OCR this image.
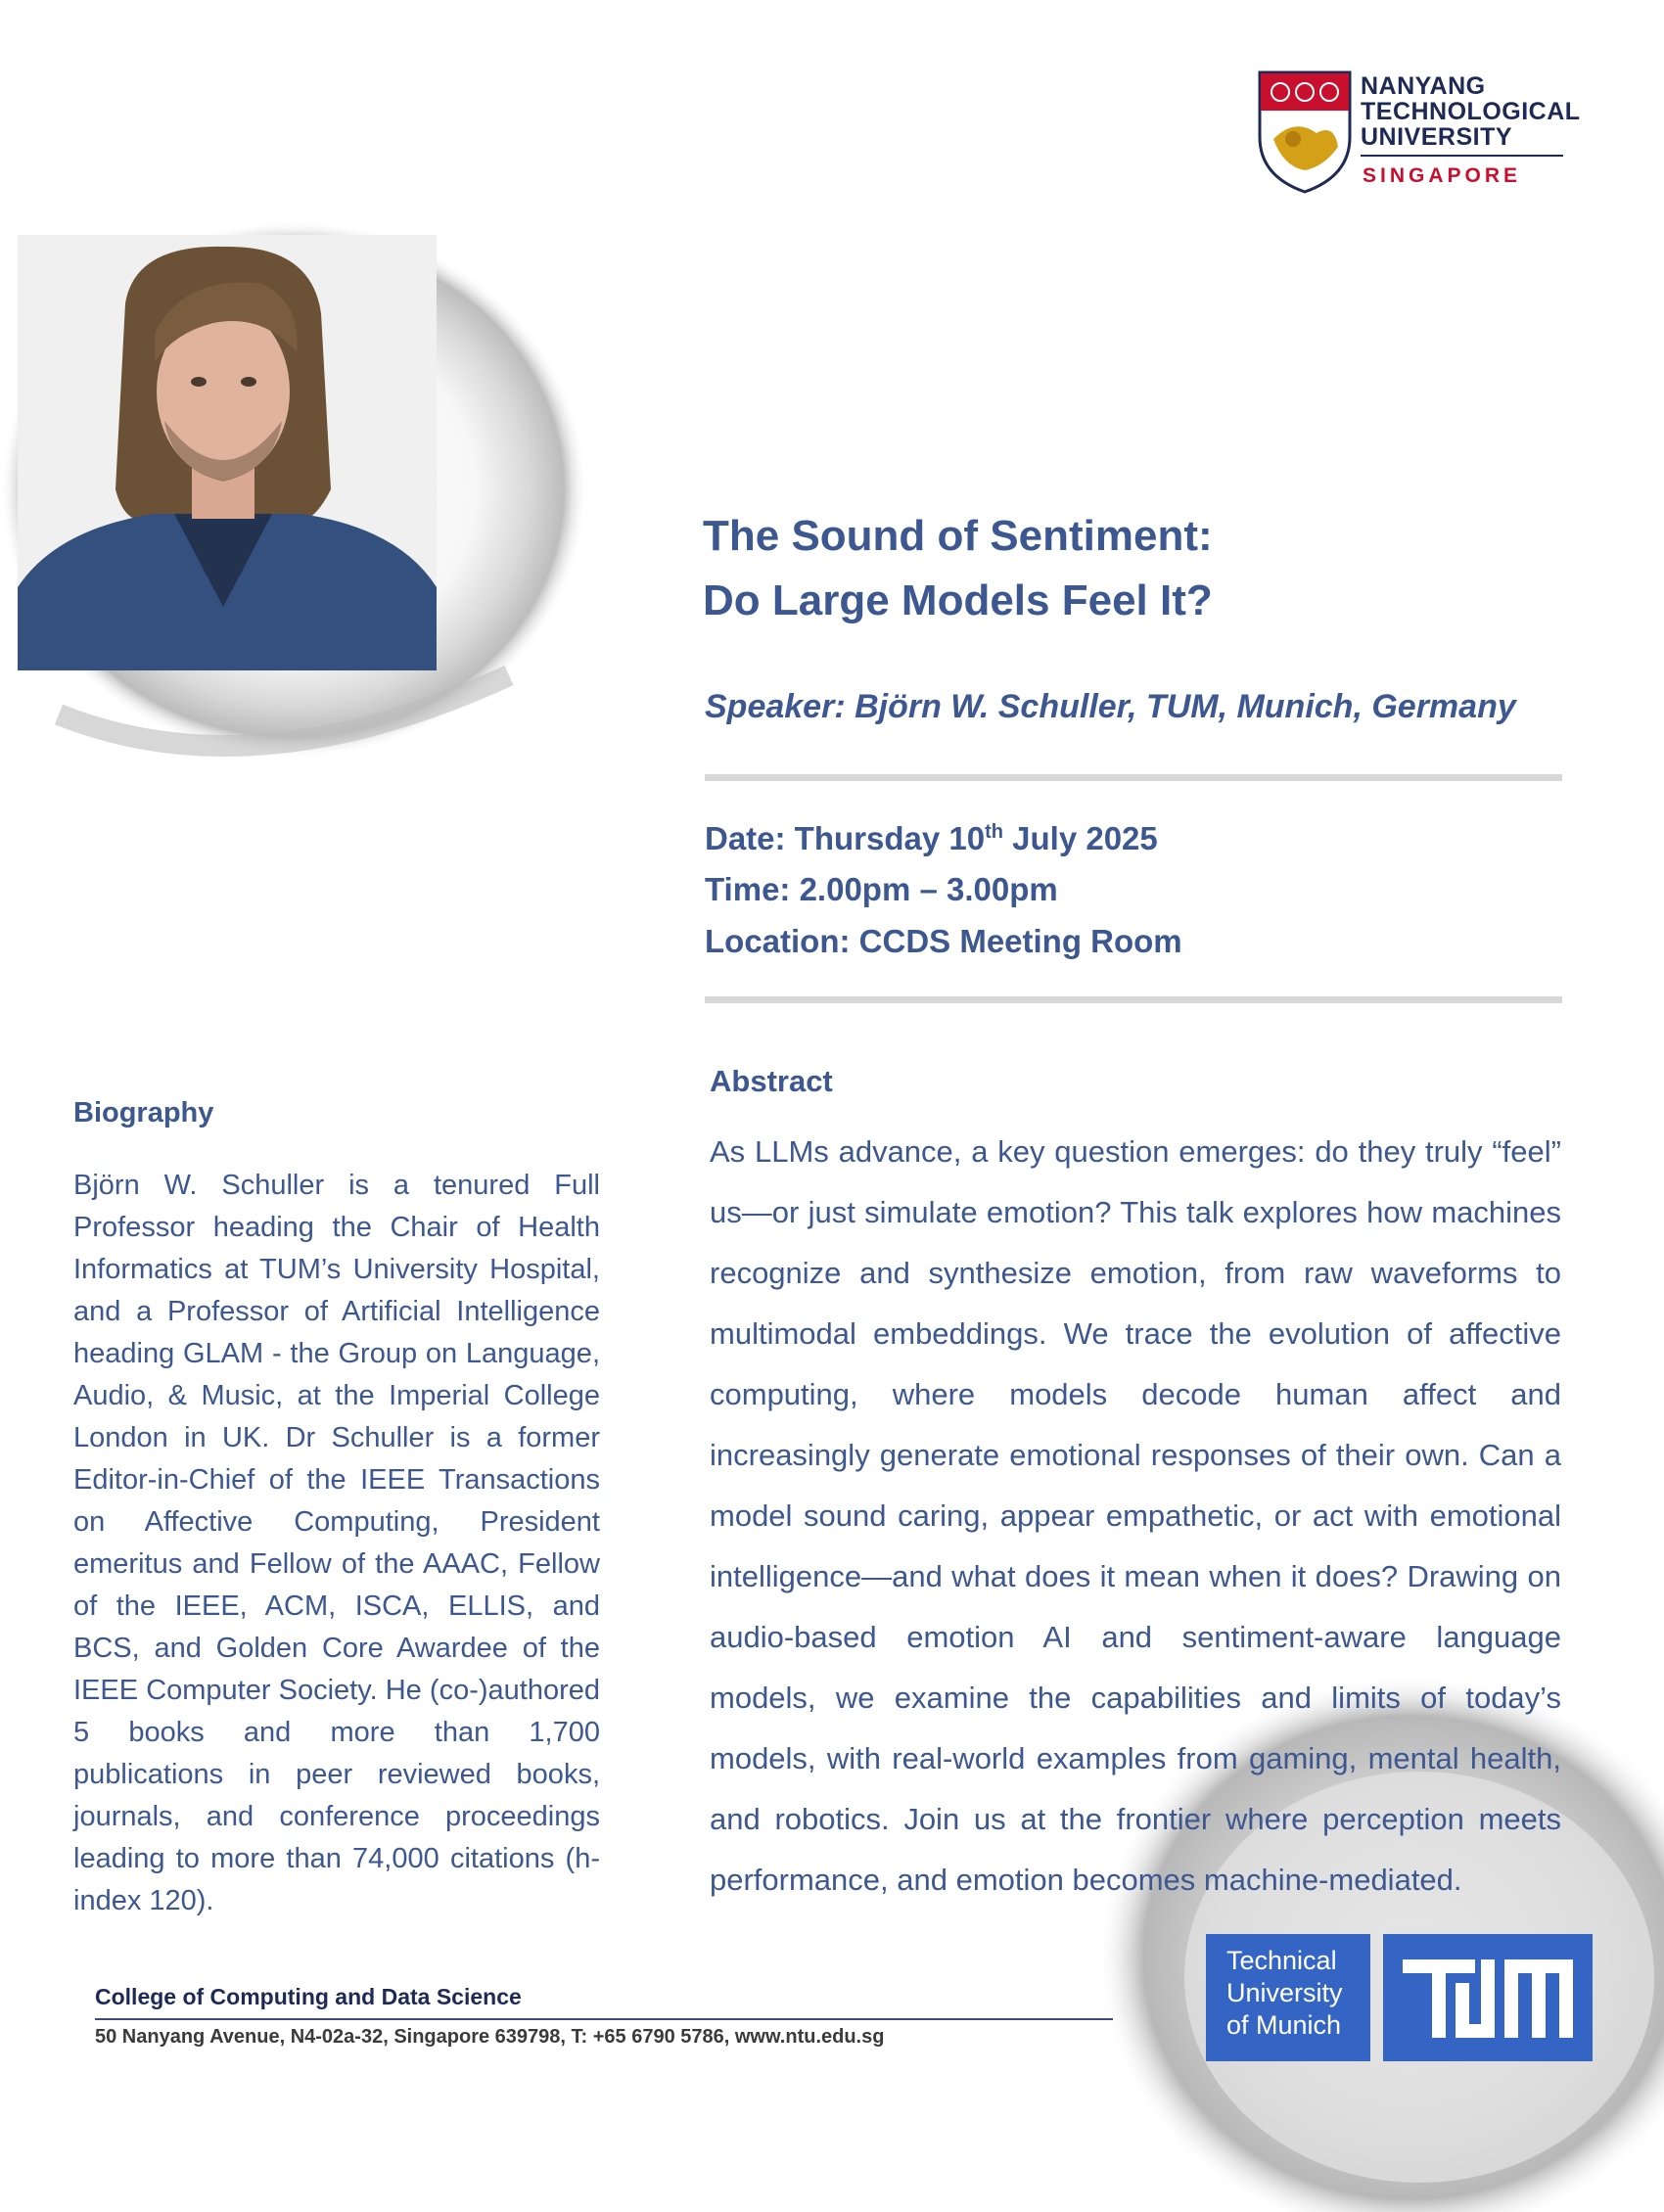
NANYANG
TECHNOLOGICAL
UNIVERSITY
SINGAPORE
The Sound of Sentiment:
Do Large Models Feel It?
Speaker: Björn W. Schuller, TUM, Munich, Germany
Date: Thursday 10th July 2025
Time: 2.00pm – 3.00pm
Location: CCDS Meeting Room
Abstract

As LLMs advance, a key question emerges: do they truly “feel” us—or just simulate emotion? This talk explores how machines recognize and synthesize emotion, from raw waveforms to multimodal embeddings. We trace the evolution of affective computing, where models decode human affect and increasingly generate emotional responses of their own. Can a model sound caring, appear empathetic, or act with emotional intelligence—and what does it mean when it does? Drawing on audio-based emotion AI and sentiment-aware language models, we examine the capabilities and limits of today’s models, with real-world examples from gaming, mental health, and robotics. Join us at the frontier where perception meets performance, and emotion becomes machine-mediated.

Biography

Björn W. Schuller is a tenured Full Professor heading the Chair of Health Informatics at TUM’s University Hospital, and a Professor of Artificial Intelligence heading GLAM - the Group on Language, Audio, & Music, at the Imperial College London in UK. Dr Schuller is a former Editor-in-Chief of the IEEE Transactions on Affective Computing, President emeritus and Fellow of the AAAC, Fellow of the IEEE, ACM, ISCA, ELLIS, and BCS, and Golden Core Awardee of the IEEE Computer Society. He (co-)authored 5 books and more than 1,700 publications in peer reviewed books, journals, and conference proceedings leading to more than 74,000 citations (h-index 120).

College of Computing and Data Science
50 Nanyang Avenue, N4-02a-32, Singapore 639798, T: +65 6790 5786, www.ntu.edu.sg
Technical
University
of Munich
